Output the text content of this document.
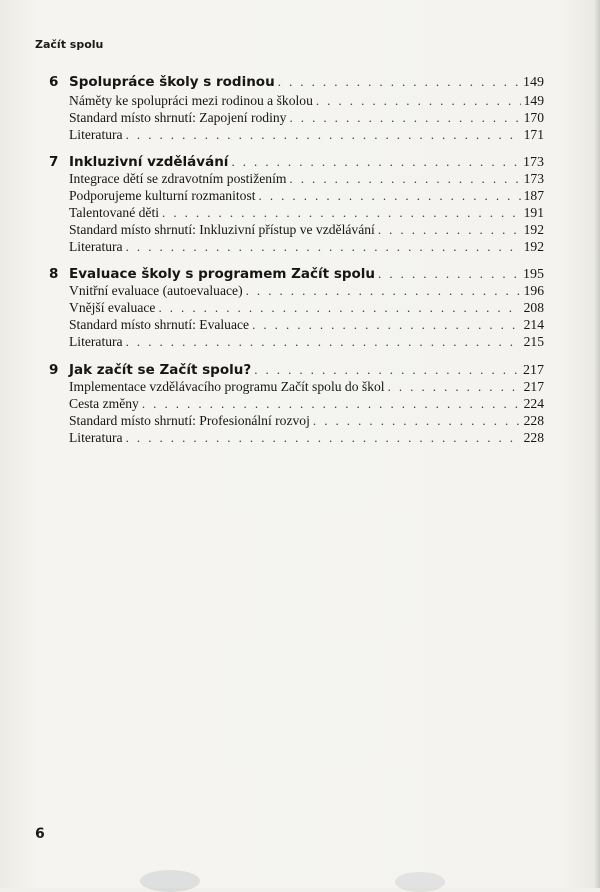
Začít spolu
6 Spolupráce školy s rodinou . . .	149
Náměty ke spolupráci mezi rodinou a školou . . .	149
Standard místo shrnutí: Zapojení rodiny . . .	170
Literatura . . .	171
7 Inkluzivní vzdělávání . . .	173
Integrace dětí se zdravotním postižením . . .	173
Podporujeme kulturní rozmanitost . . .	187
Talentované děti . . .	191
Standard místo shrnutí: Inkluzivní přístup ve vzdělávání . . .	192
Literatura . . .	192
8 Evaluace školy s programem Začít spolu . . .	195
Vnitřní evaluace (autoevaluace) . . .	196
Vnější evaluace . . .	208
Standard místo shrnutí: Evaluace . . .	214
Literatura . . .	215
9 Jak začít se Začít spolu? . . .	217
Implementace vzdělávacího programu Začít spolu do škol . . .	217
Cesta změny . . .	224
Standard místo shrnutí: Profesionální rozvoj . . .	228
Literatura . . .	228
6
